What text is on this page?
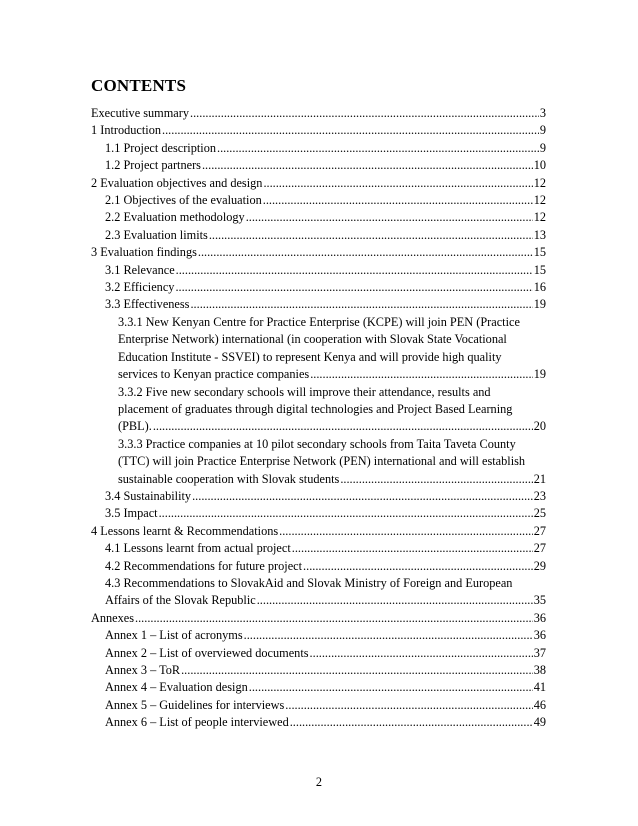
CONTENTS
Executive summary .....	3
1 Introduction .....	9
1.1 Project description .....	9
1.2 Project partners .....	10
2 Evaluation objectives and design .....	12
2.1 Objectives of the evaluation .....	12
2.2 Evaluation methodology .....	12
2.3 Evaluation limits .....	13
3 Evaluation findings .....	15
3.1 Relevance .....	15
3.2 Efficiency .....	16
3.3 Effectiveness .....	19
3.3.1 New Kenyan Centre for Practice Enterprise (KCPE) will join PEN (Practice
Enterprise Network) international (in cooperation with Slovak State Vocational
Education Institute - SSVEI) to represent Kenya and will provide high quality
services to Kenyan practice companies .....	19
3.3.2 Five new secondary schools will improve their attendance, results and
placement of graduates through digital technologies and Project Based Learning
(PBL). .....	20
3.3.3 Practice companies at 10 pilot secondary schools from Taita Taveta County
(TTC) will join Practice Enterprise Network (PEN) international and will establish
sustainable cooperation with Slovak students .....	21
3.4 Sustainability .....	23
3.5 Impact .....	25
4 Lessons learnt & Recommendations .....	27
4.1 Lessons learnt from actual project .....	27
4.2 Recommendations for future project .....	29
4.3 Recommendations to SlovakAid and Slovak Ministry of Foreign and European
Affairs of the Slovak Republic .....	35
Annexes .....	36
Annex 1 – List of acronyms .....	36
Annex 2 – List of overviewed documents .....	37
Annex 3 – ToR .....	38
Annex 4 – Evaluation design .....	41
Annex 5 – Guidelines for interviews .....	46
Annex 6 – List of people interviewed .....	49
2
